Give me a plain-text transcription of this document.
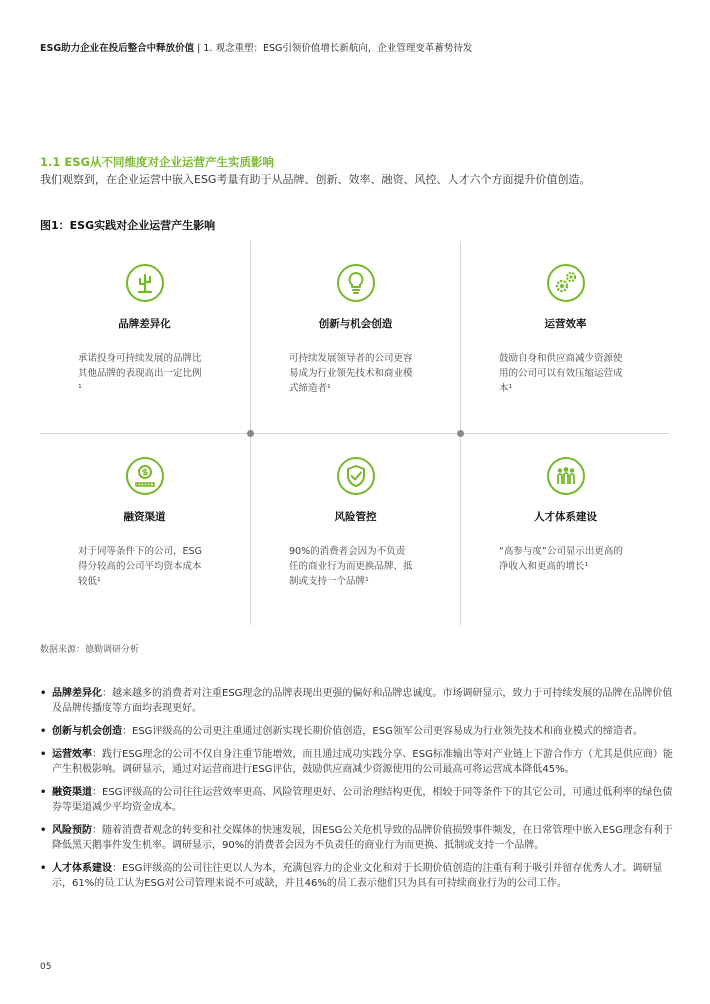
ESG助力企业在投后整合中释放价值 | 1. 观念重塑：ESG引领价值增长新航向，企业管理变革蓄势待发
1.1 ESG从不同维度对企业运营产生实质影响
我们观察到，在企业运营中嵌入ESG考量有助于从品牌、创新、效率、融资、风控、人才六个方面提升价值创造。
图1：ESG实践对企业运营产生影响
品牌差异化
承诺投身可持续发展的品牌比其他品牌的表现高出一定比例¹
创新与机会创造
可持续发展领导者的公司更容易成为行业领先技术和商业模式缔造者¹
运营效率
鼓励自身和供应商减少资源使用的公司可以有效压缩运营成本¹
融资渠道
对于同等条件下的公司，ESG得分较高的公司平均资本成本较低¹
风险管控
90%的消费者会因为不负责任的商业行为而更换品牌、抵制或支持一个品牌¹
人才体系建设
“高参与度”公司显示出更高的净收入和更高的增长¹
数据来源：德勤调研分析
• 品牌差异化：越来越多的消费者对注重ESG理念的品牌表现出更强的偏好和品牌忠诚度。市场调研显示，致力于可持续发展的品牌在品牌价值及品牌传播度等方面均表现更好。
• 创新与机会创造：ESG评级高的公司更注重通过创新实现长期价值创造，ESG领军公司更容易成为行业领先技术和商业模式的缔造者。
• 运营效率：践行ESG理念的公司不仅自身注重节能增效，而且通过成功实践分享、ESG标准输出等对产业链上下游合作方（尤其是供应商）能产生积极影响。调研显示，通过对运营商进行ESG评估，鼓励供应商减少资源使用的公司最高可将运营成本降低45%。
• 融资渠道：ESG评级高的公司往往运营效率更高、风险管理更好、公司治理结构更优，相较于同等条件下的其它公司，可通过低利率的绿色债券等渠道减少平均资金成本。
• 风险预防：随着消费者观念的转变和社交媒体的快速发展，因ESG公关危机导致的品牌价值损毁事件频发，在日常管理中嵌入ESG理念有利于降低黑天鹅事件发生机率。调研显示，90%的消费者会因为不负责任的商业行为而更换、抵制或支持一个品牌。
• 人才体系建设：ESG评级高的公司往往更以人为本，充满包容力的企业文化和对于长期价值创造的注重有利于吸引并留存优秀人才。调研显示，61%的员工认为ESG对公司管理来说不可或缺，并且46%的员工表示他们只为具有可持续商业行为的公司工作。
05
